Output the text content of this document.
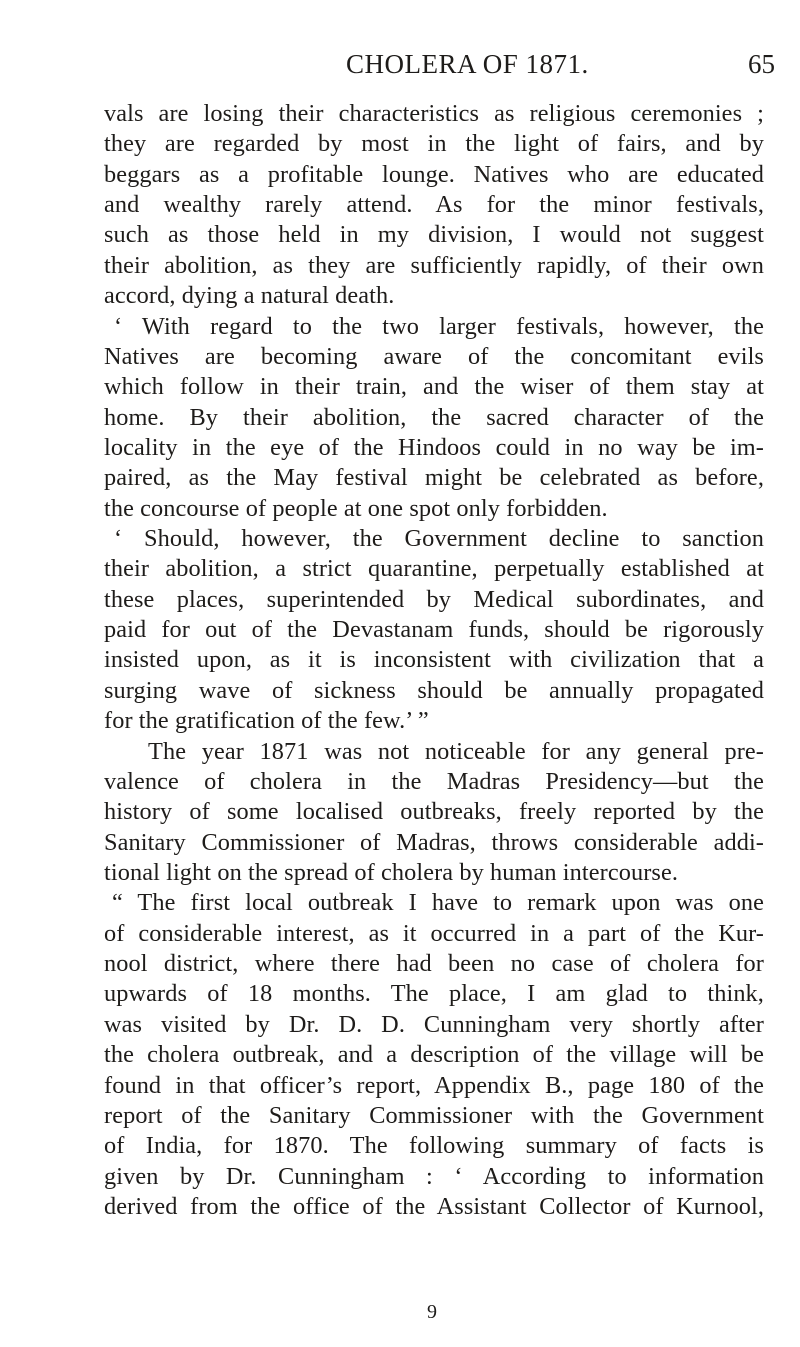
CHOLERA OF 1871.	65
vals are losing their characteristics as religious ceremonies ;
they are regarded by most in the light of fairs, and by
beggars as a profitable lounge. Natives who are educated
and wealthy rarely attend. As for the minor festivals,
such as those held in my division, I would not suggest
their abolition, as they are sufficiently rapidly, of their own
accord, dying a natural death.
‘ With regard to the two larger festivals, however, the
Natives are becoming aware of the concomitant evils
which follow in their train, and the wiser of them stay at
home. By their abolition, the sacred character of the
locality in the eye of the Hindoos could in no way be im-
paired, as the May festival might be celebrated as before,
the concourse of people at one spot only forbidden.
‘ Should, however, the Government decline to sanction
their abolition, a strict quarantine, perpetually established at
these places, superintended by Medical subordinates, and
paid for out of the Devastanam funds, should be rigorously
insisted upon, as it is inconsistent with civilization that a
surging wave of sickness should be annually propagated
for the gratification of the few.’ ”
The year 1871 was not noticeable for any general pre-
valence of cholera in the Madras Presidency—but the
history of some localised outbreaks, freely reported by the
Sanitary Commissioner of Madras, throws considerable addi-
tional light on the spread of cholera by human intercourse.
“ The first local outbreak I have to remark upon was one
of considerable interest, as it occurred in a part of the Kur-
nool district, where there had been no case of cholera for
upwards of 18 months. The place, I am glad to think,
was visited by Dr. D. D. Cunningham very shortly after
the cholera outbreak, and a description of the village will be
found in that officer’s report, Appendix B., page 180 of the
report of the Sanitary Commissioner with the Government
of India, for 1870. The following summary of facts is
given by Dr. Cunningham : ‘ According to information
derived from the office of the Assistant Collector of Kurnool,
9
